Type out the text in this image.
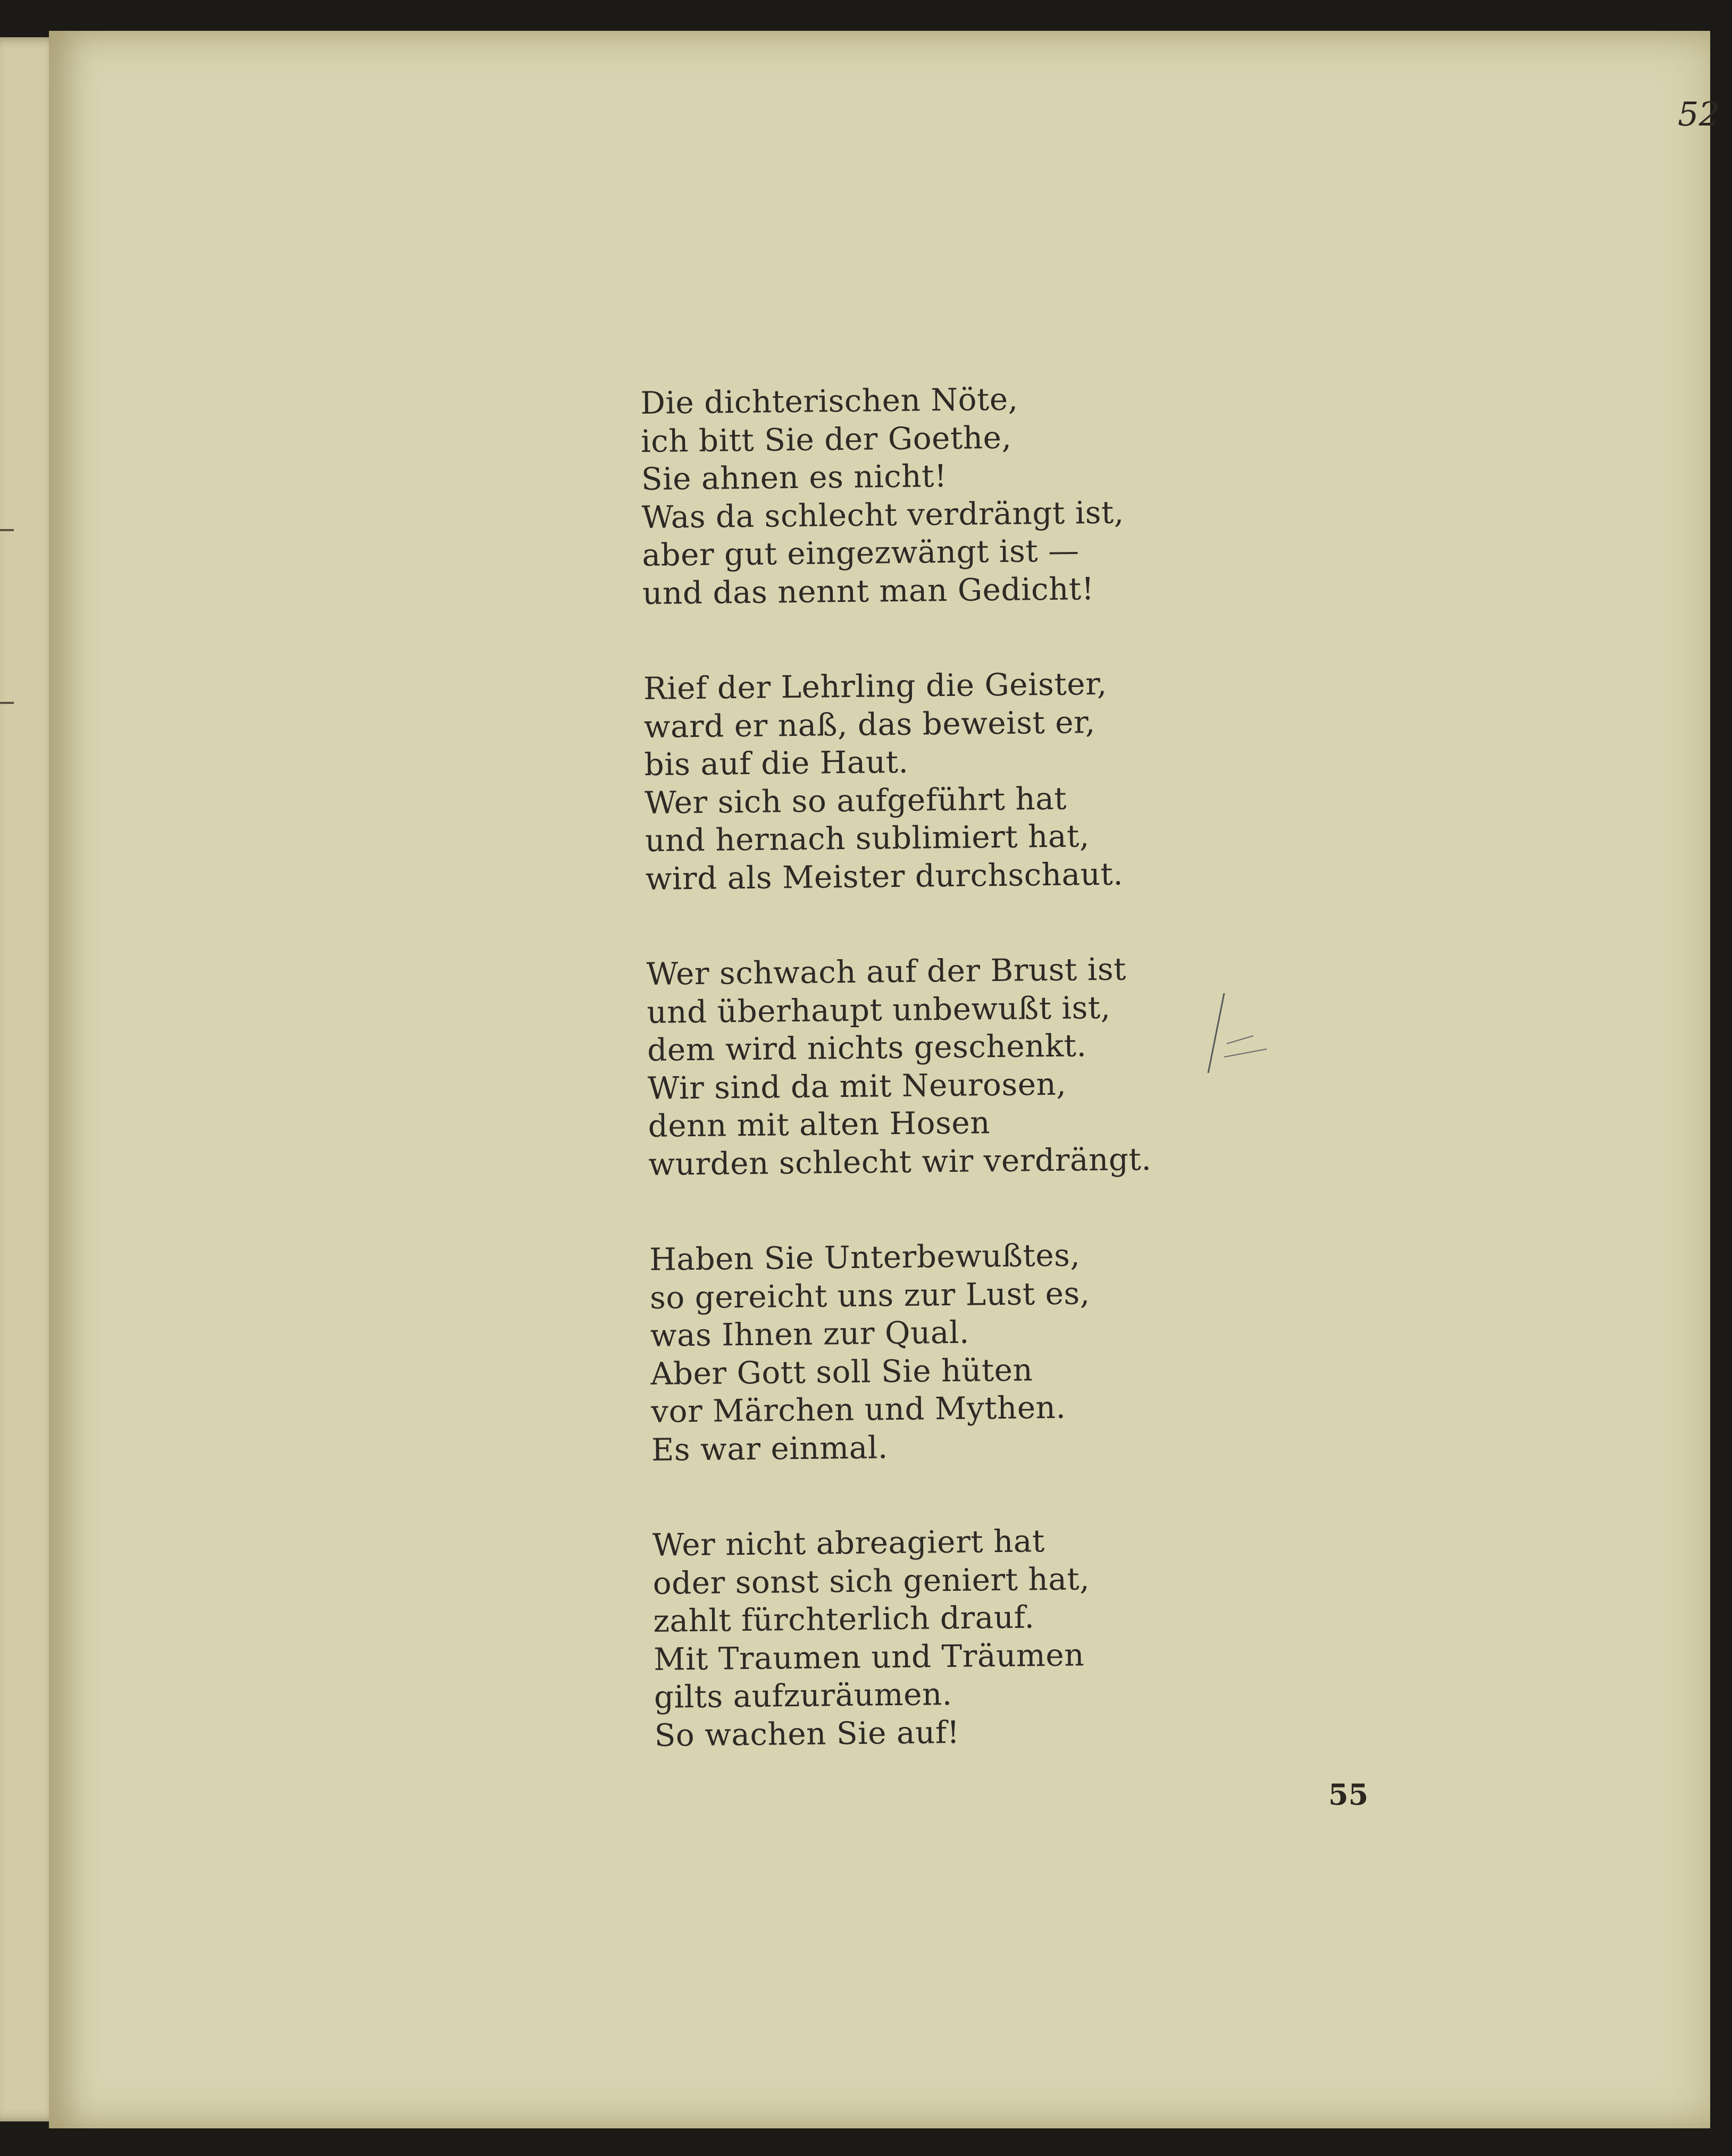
52
Die dichterischen Nöte,
ich bitt Sie der Goethe,
Sie ahnen es nicht!
Was da schlecht verdrängt ist,
aber gut eingezwängt ist —
und das nennt man Gedicht!
Rief der Lehrling die Geister,
ward er naß, das beweist er,
bis auf die Haut.
Wer sich so aufgeführt hat
und hernach sublimiert hat,
wird als Meister durchschaut.
Wer schwach auf der Brust ist
und überhaupt unbewußt ist,
dem wird nichts geschenkt.
Wir sind da mit Neurosen,
denn mit alten Hosen
wurden schlecht wir verdrängt.
Haben Sie Unterbewußtes,
so gereicht uns zur Lust es,
was Ihnen zur Qual.
Aber Gott soll Sie hüten
vor Märchen und Mythen.
Es war einmal.
Wer nicht abreagiert hat
oder sonst sich geniert hat,
zahlt fürchterlich drauf.
Mit Traumen und Träumen
gilts aufzuräumen.
So wachen Sie auf!
55
